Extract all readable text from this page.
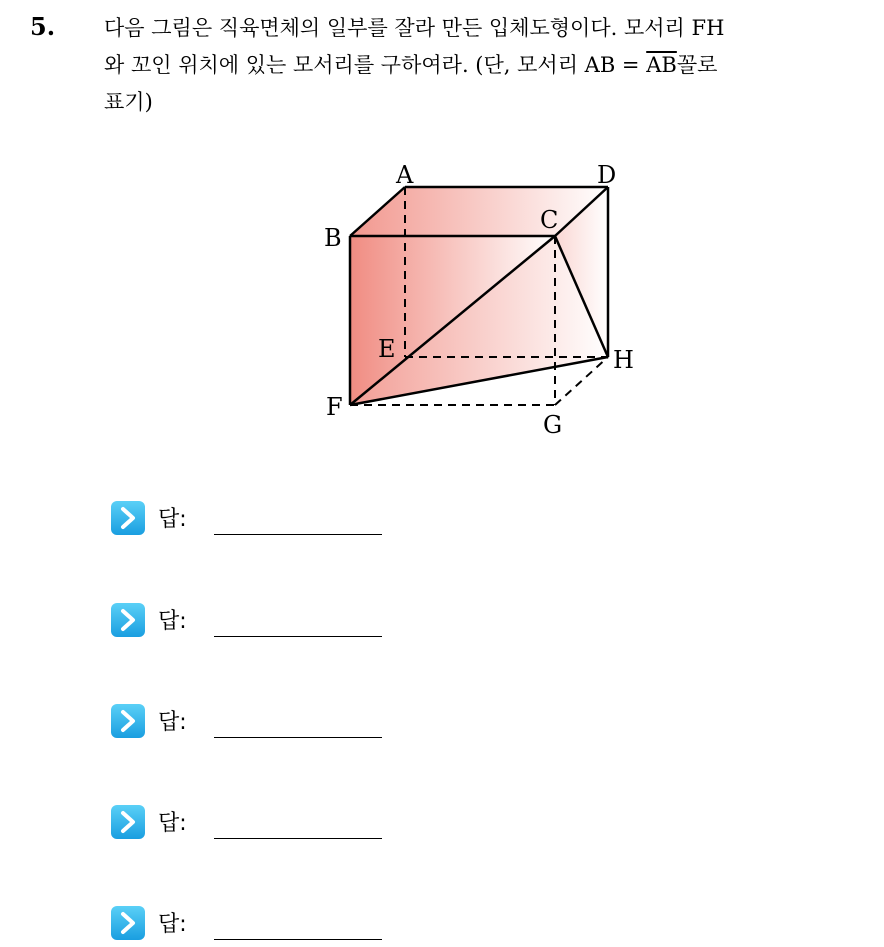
5. 다음 그림은 직육면체의 일부를 잘라 만든 입체도형이다. 모서리 FH
와 꼬인 위치에 있는 모서리를 구하여라. (단, 모서리 AB = $\overline{AB}$꼴로
표기)
A	D
B
C
E	H
F
G
답:
답:
답:
답:
답:
